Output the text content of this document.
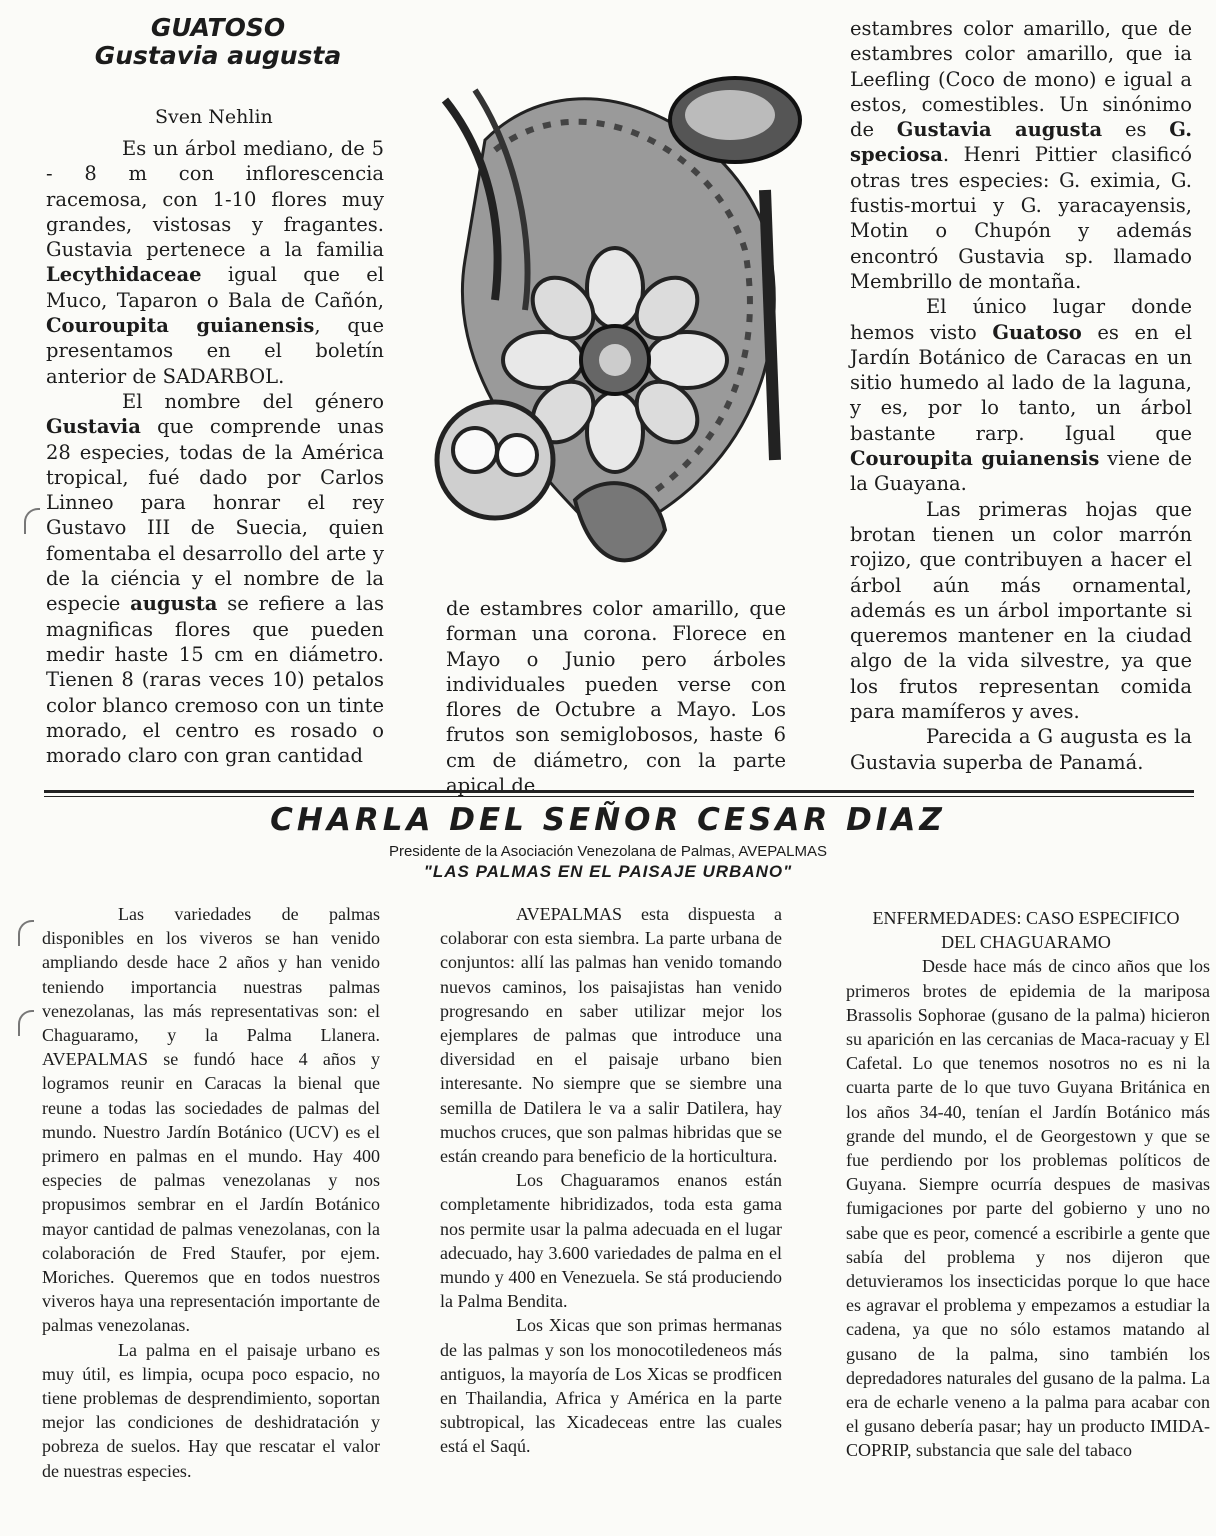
GUATOSO
Gustavia augusta
Sven Nehlin

Es un árbol mediano, de 5 - 8 m con inflorescencia racemosa, con 1-10 flores muy grandes, vistosas y fragantes. Gustavia pertenece a la familia Lecythidaceae igual que el Muco, Taparon o Bala de Cañón, Couroupita guianensis, que presentamos en el boletín anterior de SADARBOL.

El nombre del género Gustavia que comprende unas 28 especies, todas de la América tropical, fué dado por Carlos Linneo para honrar el rey Gustavo III de Suecia, quien fomentaba el desarrollo del arte y de la ciéncia y el nombre de la especie augusta se refiere a las magnificas flores que pueden medir haste 15 cm en diámetro. Tienen 8 (raras veces 10) petalos color blanco cremoso con un tinte morado, el centro es rosado o morado claro con gran cantidad

de estambres color amarillo, que forman una corona. Florece en Mayo o Junio pero árboles individuales pueden verse con flores de Octubre a Mayo. Los frutos son semiglobosos, haste 6 cm de diámetro, con la parte apical de

estambres color amarillo, que de estambres color amarillo, que ia Leefling (Coco de mono) e igual a estos, comestibles. Un sinónimo de Gustavia augusta es G. speciosa. Henri Pittier clasificó otras tres especies: G. eximia, G. fustis-mortui y G. yaracayensis, Motin o Chupón y además encontró Gustavia sp. llamado Membrillo de montaña.

El único lugar donde hemos visto Guatoso es en el Jardín Botánico de Caracas en un sitio humedo al lado de la laguna, y es, por lo tanto, un árbol bastante rarp. Igual que Couroupita guianensis viene de la Guayana.

Las primeras hojas que brotan tienen un color marrón rojizo, que contribuyen a hacer el árbol aún más ornamental, además es un árbol importante si queremos mantener en la ciudad algo de la vida silvestre, ya que los frutos representan comida para mamíferos y aves.

Parecida a G augusta es la Gustavia superba de Panamá.

CHARLA DEL SEÑOR CESAR DIAZ
Presidente de la Asociación Venezolana de Palmas, AVEPALMAS
"LAS PALMAS EN EL PAISAJE URBANO"

Las variedades de palmas disponibles en los viveros se han venido ampliando desde hace 2 años y han venido teniendo importancia nuestras palmas venezolanas, las más representativas son: el Chaguaramo, y la Palma Llanera. AVEPALMAS se fundó hace 4 años y logramos reunir en Caracas la bienal que reune a todas las sociedades de palmas del mundo. Nuestro Jardín Botánico (UCV) es el primero en palmas en el mundo. Hay 400 especies de palmas venezolanas y nos propusimos sembrar en el Jardín Botánico mayor cantidad de palmas venezolanas, con la colaboración de Fred Staufer, por ejem. Moriches. Queremos que en todos nuestros viveros haya una representación importante de palmas venezolanas.

La palma en el paisaje urbano es muy útil, es limpia, ocupa poco espacio, no tiene problemas de desprendimiento, soportan mejor las condiciones de deshidratación y pobreza de suelos. Hay que rescatar el valor de nuestras especies.

AVEPALMAS esta dispuesta a colaborar con esta siembra. La parte urbana de conjuntos: allí las palmas han venido tomando nuevos caminos, los paisajistas han venido progresando en saber utilizar mejor los ejemplares de palmas que introduce una diversidad en el paisaje urbano bien interesante. No siempre que se siembre una semilla de Datilera le va a salir Datilera, hay muchos cruces, que son palmas hibridas que se están creando para beneficio de la horticultura.

Los Chaguaramos enanos están completamente hibridizados, toda esta gama nos permite usar la palma adecuada en el lugar adecuado, hay 3.600 variedades de palma en el mundo y 400 en Venezuela. Se stá produciendo la Palma Bendita.

Los Xicas que son primas hermanas de las palmas y son los monocotiledeneos más antiguos, la mayoría de Los Xicas se prodficen en Thailandia, Africa y América en la parte subtropical, las Xicadeceas entre las cuales está el Saqú.

ENFERMEDADES: CASO ESPECIFICO
DEL CHAGUARAMO

Desde hace más de cinco años que los primeros brotes de epidemia de la mariposa Brassolis Sophorae (gusano de la palma) hicieron su aparición en las cercanias de Maca-racuay y El Cafetal. Lo que tenemos nosotros no es ni la cuarta parte de lo que tuvo Guyana Británica en los años 34-40, tenían el Jardín Botánico más grande del mundo, el de Georgestown y que se fue perdiendo por los problemas políticos de Guyana. Siempre ocurría despues de masivas fumigaciones por parte del gobierno y uno no sabe que es peor, comencé a escribirle a gente que sabía del problema y nos dijeron que detuvieramos los insecticidas porque lo que hace es agravar el problema y empezamos a estudiar la cadena, ya que no sólo estamos matando al gusano de la palma, sino también los depredadores naturales del gusano de la palma. La era de echarle veneno a la palma para acabar con el gusano debería pasar; hay un producto IMIDA-COPRIP, substancia que sale del tabaco
